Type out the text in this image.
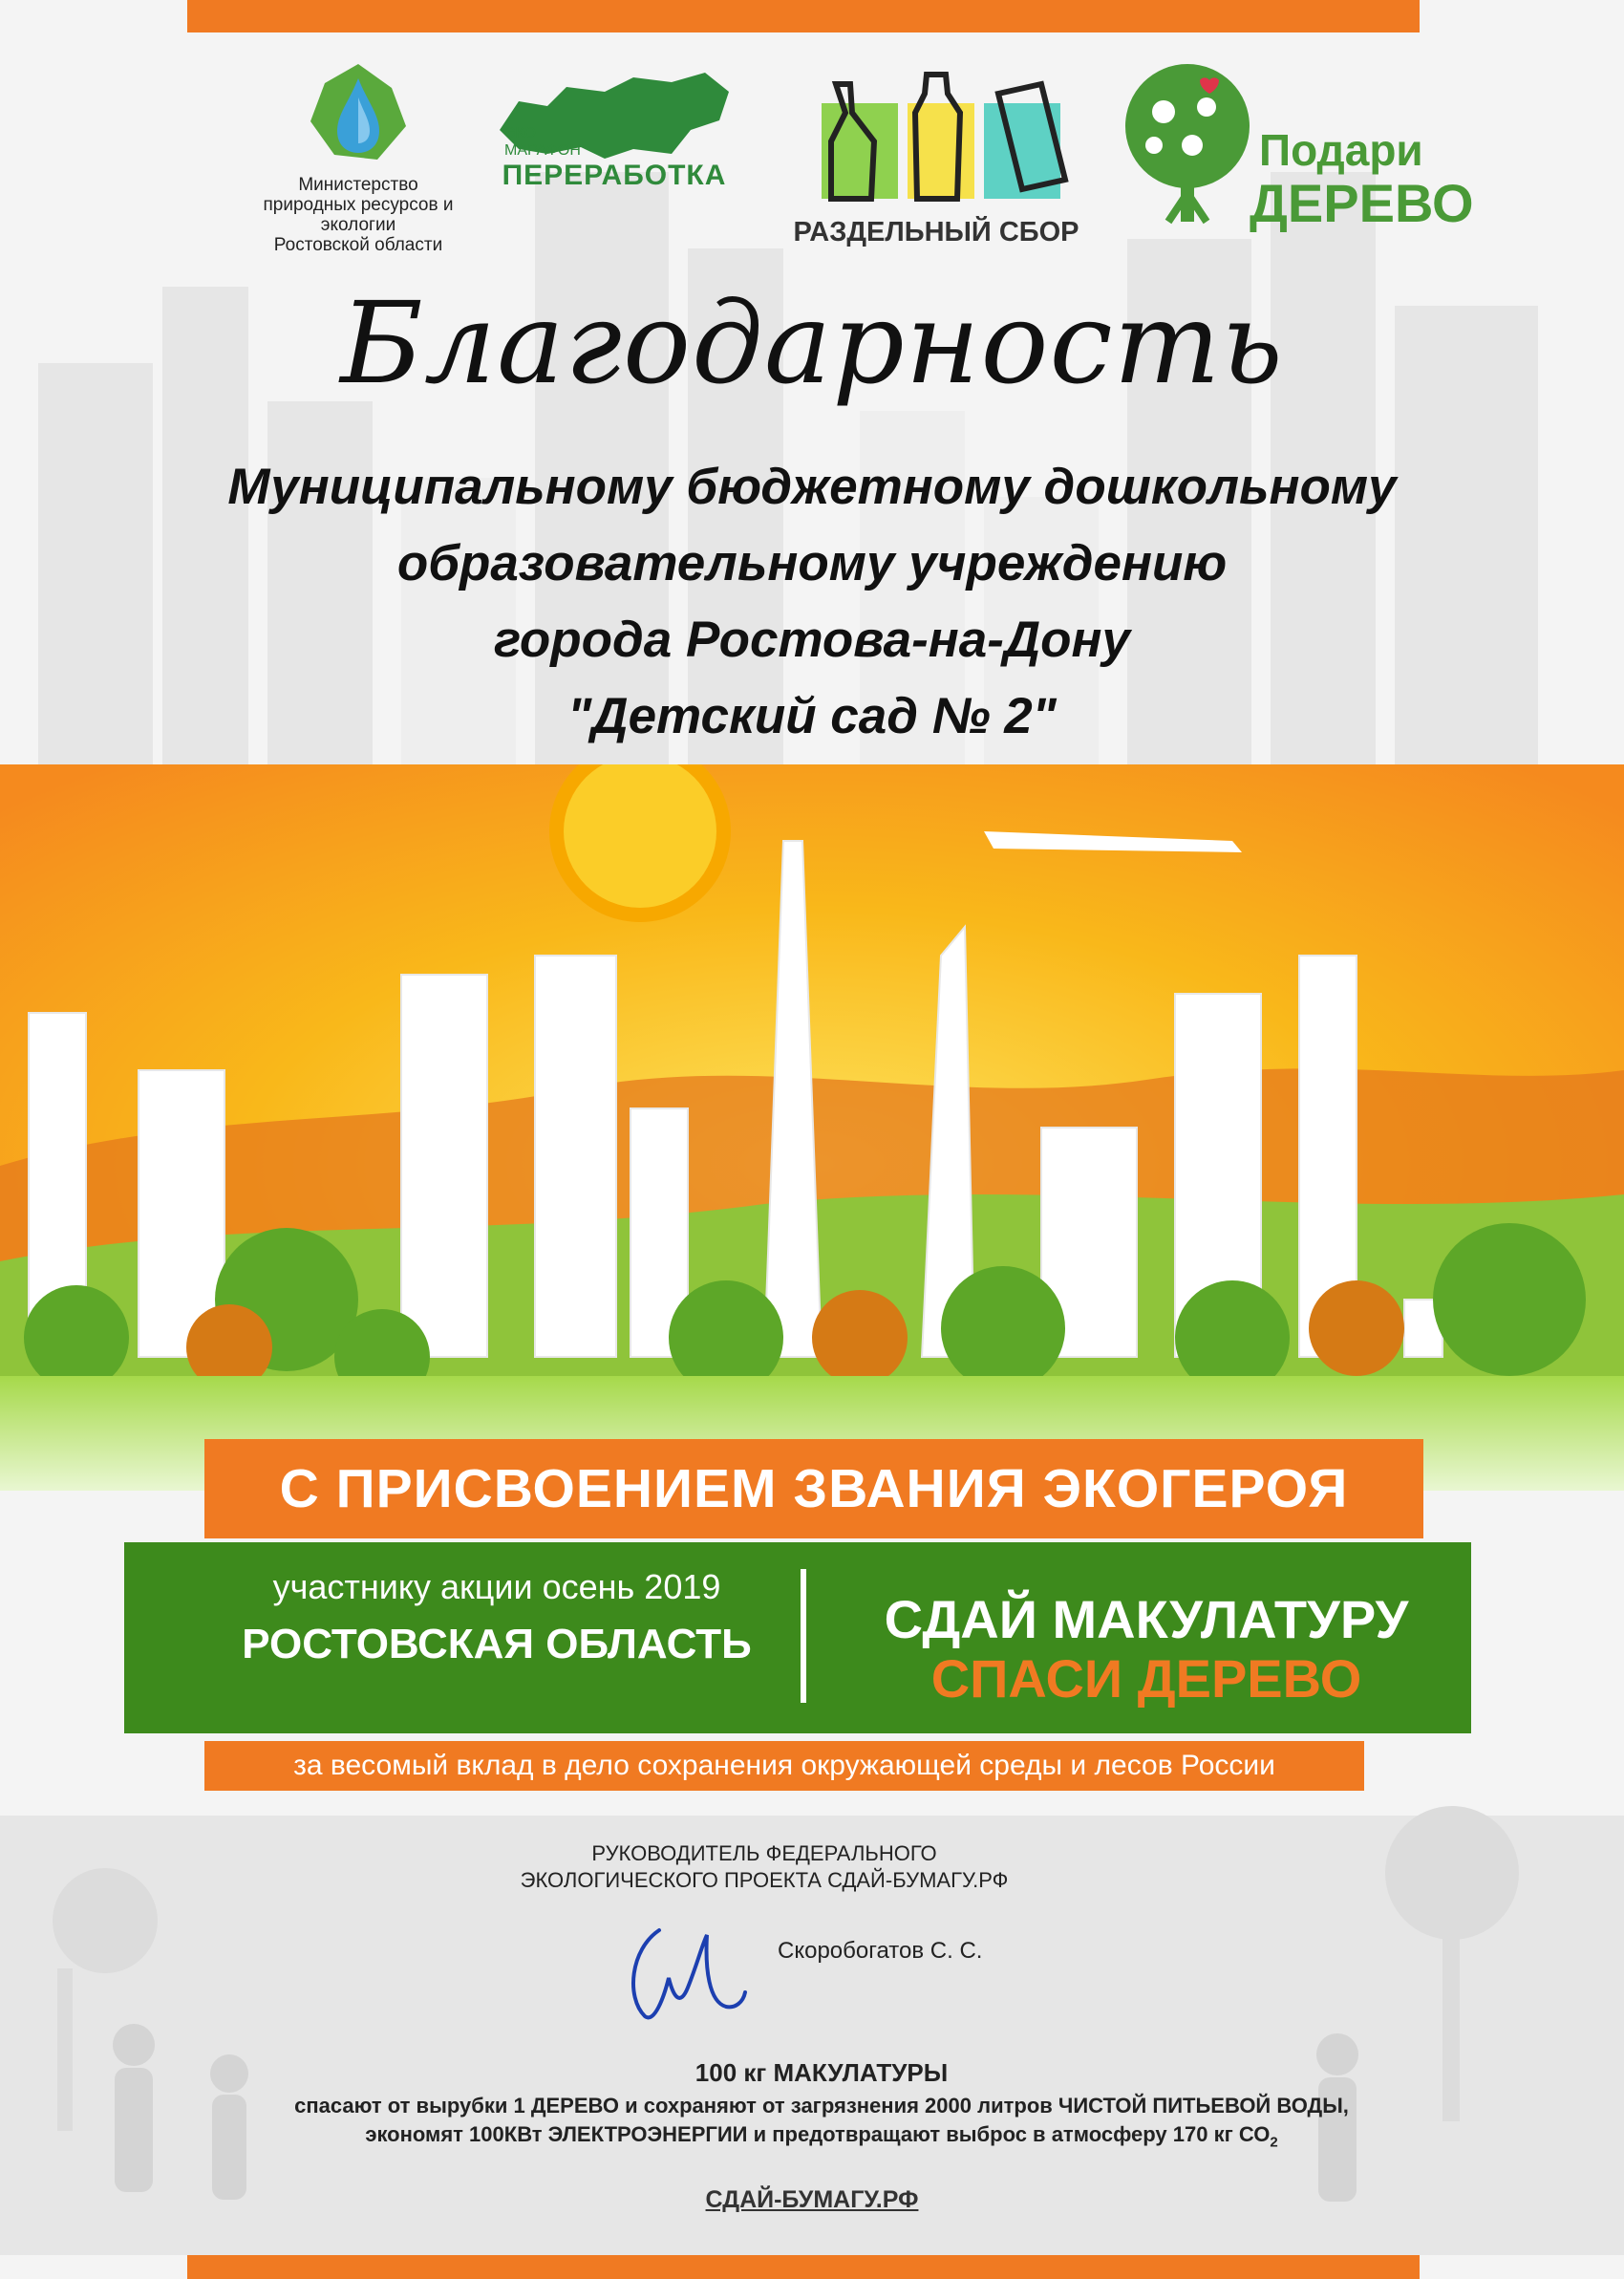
Министерство
природных ресурсов и экологии
Ростовской области
ЭКО
МАРАФОН
ПЕРЕРАБОТКА
РАЗДЕЛЬНЫЙ СБОР
Подари
ДЕРЕВО
Благодарность
Муниципальному бюджетному дошкольному
образовательному учреждению
города Ростова-на-Дону
"Детский сад № 2"
С ПРИСВОЕНИЕМ ЗВАНИЯ ЭКОГЕРОЯ
участнику акции осень 2019
РОСТОВСКАЯ ОБЛАСТЬ	СДАЙ МАКУЛАТУРУ
СПАСИ ДЕРЕВО
за весомый вклад в дело сохранения окружающей среды и лесов России
РУКОВОДИТЕЛЬ ФЕДЕРАЛЬНОГО
ЭКОЛОГИЧЕСКОГО ПРОЕКТА СДАЙ-БУМАГУ.РФ
Скоробогатов С. С.
100 кг МАКУЛАТУРЫ
спасают от вырубки 1 ДЕРЕВО и сохраняют от загрязнения 2000 литров ЧИСТОЙ ПИТЬЕВОЙ ВОДЫ,
экономят 100КВт ЭЛЕКТРОЭНЕРГИИ и предотвращают выброс в атмосферу 170 кг $СО_2$
СДАЙ-БУМАГУ.РФ
